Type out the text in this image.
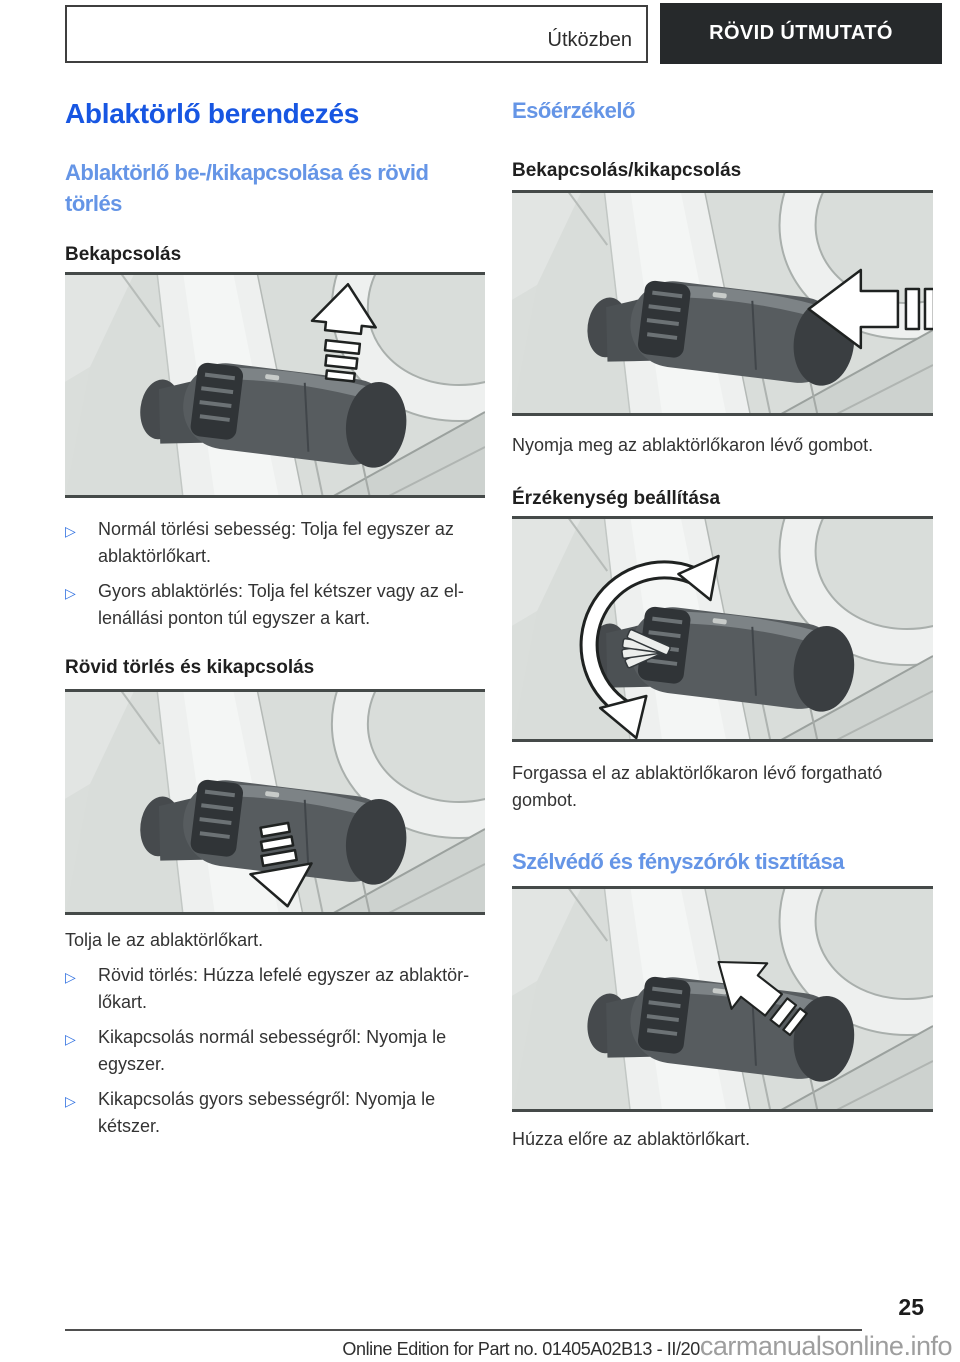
Útközben	RÖVID ÚTMUTATÓ
Ablaktörlő berendezés
Ablaktörlő be-/kikapcsolása és rövid törlés
Bekapcsolás
▷	Normál törlési sebesség: Tolja fel egyszer az ablaktörlőkart.
▷	Gyors ablaktörlés: Tolja fel kétszer vagy az ellenállási ponton túl egyszer a kart.
Rövid törlés és kikapcsolás

Tolja le az ablaktörlőkart.

▷	Rövid törlés: Húzza lefelé egyszer az ablaktörlőkart.
▷	Kikapcsolás normál sebességről: Nyomja le egyszer.
▷	Kikapcsolás gyors sebességről: Nyomja le kétszer.
Esőérzékelő
Bekapcsolás/kikapcsolás

Nyomja meg az ablaktörlőkaron lévő gombot.

Érzékenység beállítása

Forgassa el az ablaktörlőkaron lévő forgatható gombot.

Szélvédő és fényszórók tisztítása

Húzza előre az ablaktörlőkart.

25
Online Edition for Part no. 01405A02B13 - II/20carmanualsonline.info
